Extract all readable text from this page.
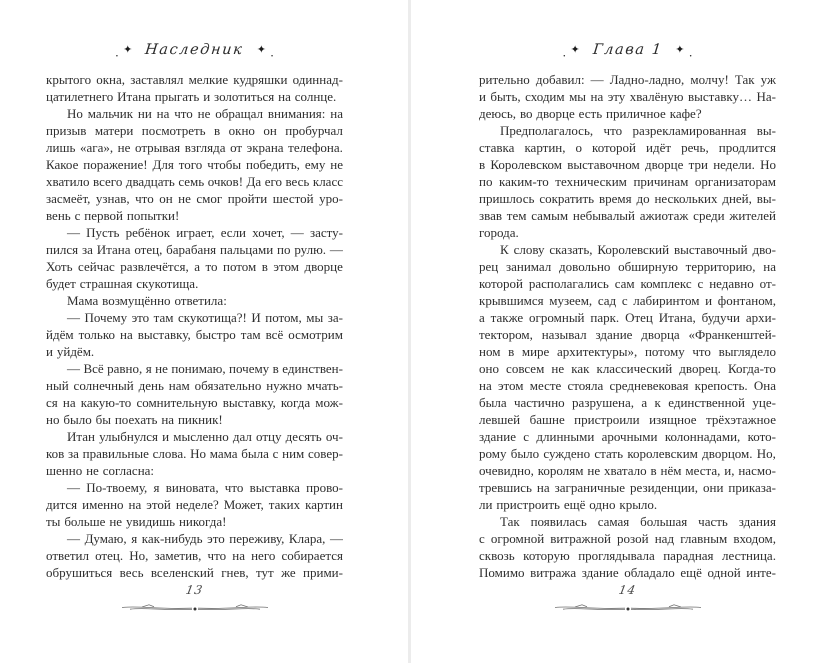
· ✦ Наследник ✦ ·
крытого окна, заставлял мелкие кудряшки одиннад-
цатилетнего Итана прыгать и золотиться на солнце.
Но мальчик ни на что не обращал внимания: на
призыв матери посмотреть в окно он пробурчал
лишь «ага», не отрывая взгляда от экрана телефона.
Какое поражение! Для того чтобы победить, ему не
хватило всего двадцать семь очков! Да его весь класс
засмеёт, узнав, что он не смог пройти шестой уро-
вень с первой попытки!
— Пусть ребёнок играет, если хочет, — засту-
пился за Итана отец, барабаня пальцами по рулю. —
Хоть сейчас развлечётся, а то потом в этом дворце
будет страшная скукотища.
Мама возмущённо ответила:
— Почему это там скукотища?! И потом, мы за-
йдём только на выставку, быстро там всё осмотрим
и уйдём.
— Всё равно, я не понимаю, почему в единствен-
ный солнечный день нам обязательно нужно мчать-
ся на какую-то сомнительную выставку, когда мож-
но было бы поехать на пикник!
Итан улыбнулся и мысленно дал отцу десять оч-
ков за правильные слова. Но мама была с ним совер-
шенно не согласна:
— По-твоему, я виновата, что выставка прово-
дится именно на этой неделе? Может, таких картин
ты больше не увидишь никогда!
— Думаю, я как-нибудь это переживу, Клара, —
ответил отец. Но, заметив, что на него собирается
обрушиться весь вселенский гнев, тут же прими-
13
· ✦ Глава 1 ✦ ·
рительно добавил: — Ладно-ладно, молчу! Так уж
и быть, сходим мы на эту хвалёную выставку… На-
деюсь, во дворце есть приличное кафе?
Предполагалось, что разрекламированная вы-
ставка картин, о которой идёт речь, продлится
в Королевском выставочном дворце три недели. Но
по каким-то техническим причинам организаторам
пришлось сократить время до нескольких дней, вы-
звав тем самым небывалый ажиотаж среди жителей
города.
К слову сказать, Королевский выставочный дво-
рец занимал довольно обширную территорию, на
которой располагались сам комплекс с недавно от-
крывшимся музеем, сад с лабиринтом и фонтаном,
а также огромный парк. Отец Итана, будучи архи-
тектором, называл здание дворца «Франкенштей-
ном в мире архитектуры», потому что выглядело
оно совсем не как классический дворец. Когда-то
на этом месте стояла средневековая крепость. Она
была частично разрушена, а к единственной уце-
левшей башне пристроили изящное трёхэтажное
здание с длинными арочными колоннадами, кото-
рому было суждено стать королевским дворцом. Но,
очевидно, королям не хватало в нём места, и, насмо-
тревшись на заграничные резиденции, они приказа-
ли пристроить ещё одно крыло.
Так появилась самая большая часть здания
с огромной витражной розой над главным входом,
сквозь которую проглядывала парадная лестница.
Помимо витража здание обладало ещё одной инте-
14
